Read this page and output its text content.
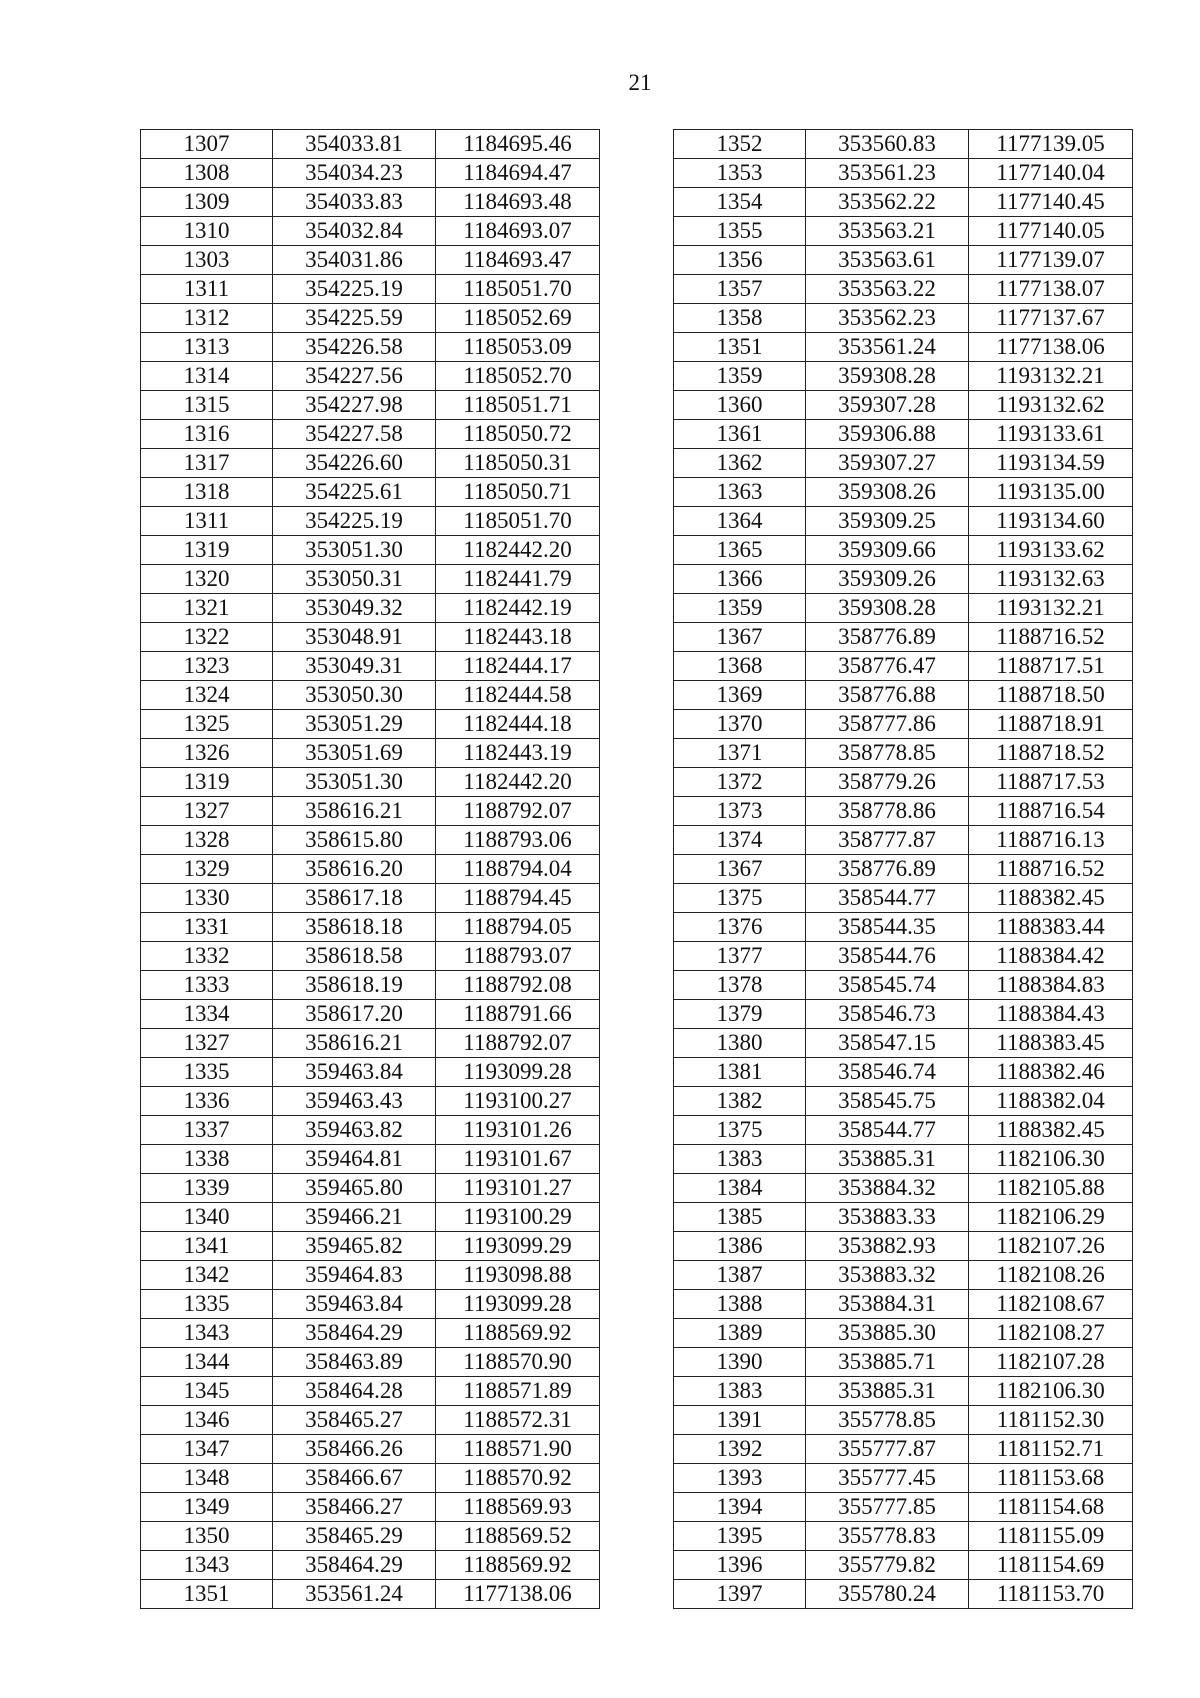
21
1307	354033.81	1184695.46
1308	354034.23	1184694.47
1309	354033.83	1184693.48
1310	354032.84	1184693.07
1303	354031.86	1184693.47
1311	354225.19	1185051.70
1312	354225.59	1185052.69
1313	354226.58	1185053.09
1314	354227.56	1185052.70
1315	354227.98	1185051.71
1316	354227.58	1185050.72
1317	354226.60	1185050.31
1318	354225.61	1185050.71
1311	354225.19	1185051.70
1319	353051.30	1182442.20
1320	353050.31	1182441.79
1321	353049.32	1182442.19
1322	353048.91	1182443.18
1323	353049.31	1182444.17
1324	353050.30	1182444.58
1325	353051.29	1182444.18
1326	353051.69	1182443.19
1319	353051.30	1182442.20
1327	358616.21	1188792.07
1328	358615.80	1188793.06
1329	358616.20	1188794.04
1330	358617.18	1188794.45
1331	358618.18	1188794.05
1332	358618.58	1188793.07
1333	358618.19	1188792.08
1334	358617.20	1188791.66
1327	358616.21	1188792.07
1335	359463.84	1193099.28
1336	359463.43	1193100.27
1337	359463.82	1193101.26
1338	359464.81	1193101.67
1339	359465.80	1193101.27
1340	359466.21	1193100.29
1341	359465.82	1193099.29
1342	359464.83	1193098.88
1335	359463.84	1193099.28
1343	358464.29	1188569.92
1344	358463.89	1188570.90
1345	358464.28	1188571.89
1346	358465.27	1188572.31
1347	358466.26	1188571.90
1348	358466.67	1188570.92
1349	358466.27	1188569.93
1350	358465.29	1188569.52
1343	358464.29	1188569.92
1351	353561.24	1177138.06
1352	353560.83	1177139.05
1353	353561.23	1177140.04
1354	353562.22	1177140.45
1355	353563.21	1177140.05
1356	353563.61	1177139.07
1357	353563.22	1177138.07
1358	353562.23	1177137.67
1351	353561.24	1177138.06
1359	359308.28	1193132.21
1360	359307.28	1193132.62
1361	359306.88	1193133.61
1362	359307.27	1193134.59
1363	359308.26	1193135.00
1364	359309.25	1193134.60
1365	359309.66	1193133.62
1366	359309.26	1193132.63
1359	359308.28	1193132.21
1367	358776.89	1188716.52
1368	358776.47	1188717.51
1369	358776.88	1188718.50
1370	358777.86	1188718.91
1371	358778.85	1188718.52
1372	358779.26	1188717.53
1373	358778.86	1188716.54
1374	358777.87	1188716.13
1367	358776.89	1188716.52
1375	358544.77	1188382.45
1376	358544.35	1188383.44
1377	358544.76	1188384.42
1378	358545.74	1188384.83
1379	358546.73	1188384.43
1380	358547.15	1188383.45
1381	358546.74	1188382.46
1382	358545.75	1188382.04
1375	358544.77	1188382.45
1383	353885.31	1182106.30
1384	353884.32	1182105.88
1385	353883.33	1182106.29
1386	353882.93	1182107.26
1387	353883.32	1182108.26
1388	353884.31	1182108.67
1389	353885.30	1182108.27
1390	353885.71	1182107.28
1383	353885.31	1182106.30
1391	355778.85	1181152.30
1392	355777.87	1181152.71
1393	355777.45	1181153.68
1394	355777.85	1181154.68
1395	355778.83	1181155.09
1396	355779.82	1181154.69
1397	355780.24	1181153.70
